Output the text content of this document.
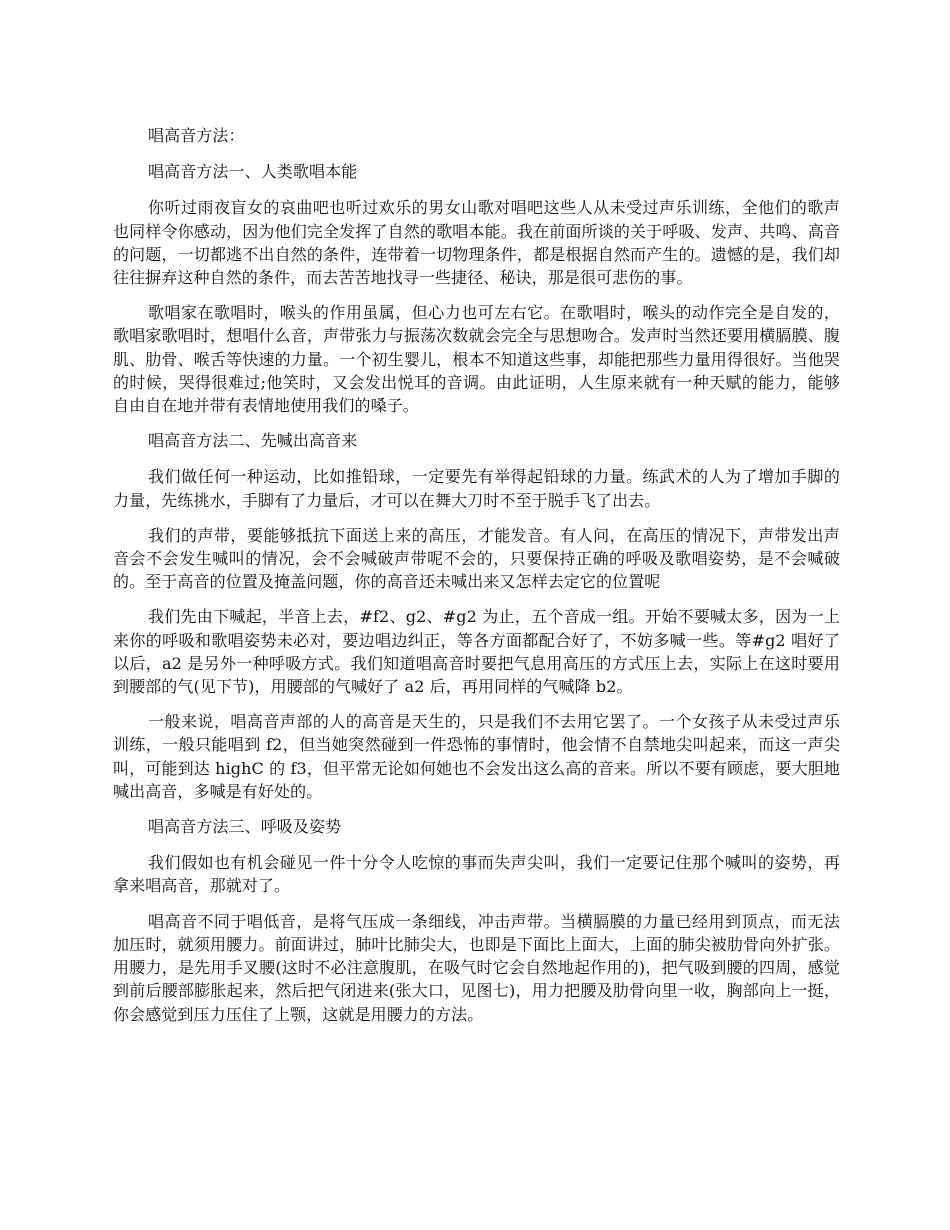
唱高音方法：

唱高音方法一、人类歌唱本能

你听过雨夜盲女的哀曲吧也听过欢乐的男女山歌对唱吧这些人从未受过声乐训练，全他们的歌声也同样令你感动，因为他们完全发挥了自然的歌唱本能。我在前面所谈的关于呼吸、发声、共鸣、高音的问题，一切都逃不出自然的条件，连带着一切物理条件，都是根据自然而产生的。遗憾的是，我们却往往摒弃这种自然的条件，而去苦苦地找寻一些捷径、秘诀，那是很可悲伤的事。

歌唱家在歌唱时，喉头的作用虽属，但心力也可左右它。在歌唱时，喉头的动作完全是自发的，歌唱家歌唱时，想唱什么音，声带张力与振荡次数就会完全与思想吻合。发声时当然还要用横膈膜、腹肌、肋骨、喉舌等快速的力量。一个初生婴儿，根本不知道这些事，却能把那些力量用得很好。当他哭的时候，哭得很难过;他笑时，又会发出悦耳的音调。由此证明，人生原来就有一种天赋的能力，能够自由自在地并带有表情地使用我们的嗓子。

唱高音方法二、先喊出高音来

我们做任何一种运动，比如推铅球，一定要先有举得起铅球的力量。练武术的人为了增加手脚的力量，先练挑水，手脚有了力量后，才可以在舞大刀时不至于脱手飞了出去。

我们的声带，要能够抵抗下面送上来的高压，才能发音。有人问，在高压的情况下，声带发出声音会不会发生喊叫的情况，会不会喊破声带呢不会的，只要保持正确的呼吸及歌唱姿势，是不会喊破的。至于高音的位置及掩盖问题，你的高音还未喊出来又怎样去定它的位置呢

我们先由下喊起，半音上去，#f2、g2、#g2 为止，五个音成一组。开始不要喊太多，因为一上来你的呼吸和歌唱姿势未必对，要边唱边纠正，等各方面都配合好了，不妨多喊一些。等#g2 唱好了以后，a2 是另外一种呼吸方式。我们知道唱高音时要把气息用高压的方式压上去，实际上在这时要用到腰部的气(见下节)，用腰部的气喊好了 a2 后，再用同样的气喊降 b2。

一般来说，唱高音声部的人的高音是天生的，只是我们不去用它罢了。一个女孩子从未受过声乐训练，一般只能唱到 f2，但当她突然碰到一件恐怖的事情时，他会情不自禁地尖叫起来，而这一声尖叫，可能到达 highC 的 f3，但平常无论如何她也不会发出这么高的音来。所以不要有顾虑，要大胆地喊出高音，多喊是有好处的。

唱高音方法三、呼吸及姿势

我们假如也有机会碰见一件十分令人吃惊的事而失声尖叫，我们一定要记住那个喊叫的姿势，再拿来唱高音，那就对了。

唱高音不同于唱低音，是将气压成一条细线，冲击声带。当横膈膜的力量已经用到顶点，而无法加压时，就须用腰力。前面讲过，肺叶比肺尖大，也即是下面比上面大，上面的肺尖被肋骨向外扩张。用腰力，是先用手叉腰(这时不必注意腹肌，在吸气时它会自然地起作用的)，把气吸到腰的四周，感觉到前后腰部膨胀起来，然后把气闭进来(张大口，见图七)，用力把腰及肋骨向里一收，胸部向上一挺，你会感觉到压力压住了上颚，这就是用腰力的方法。
